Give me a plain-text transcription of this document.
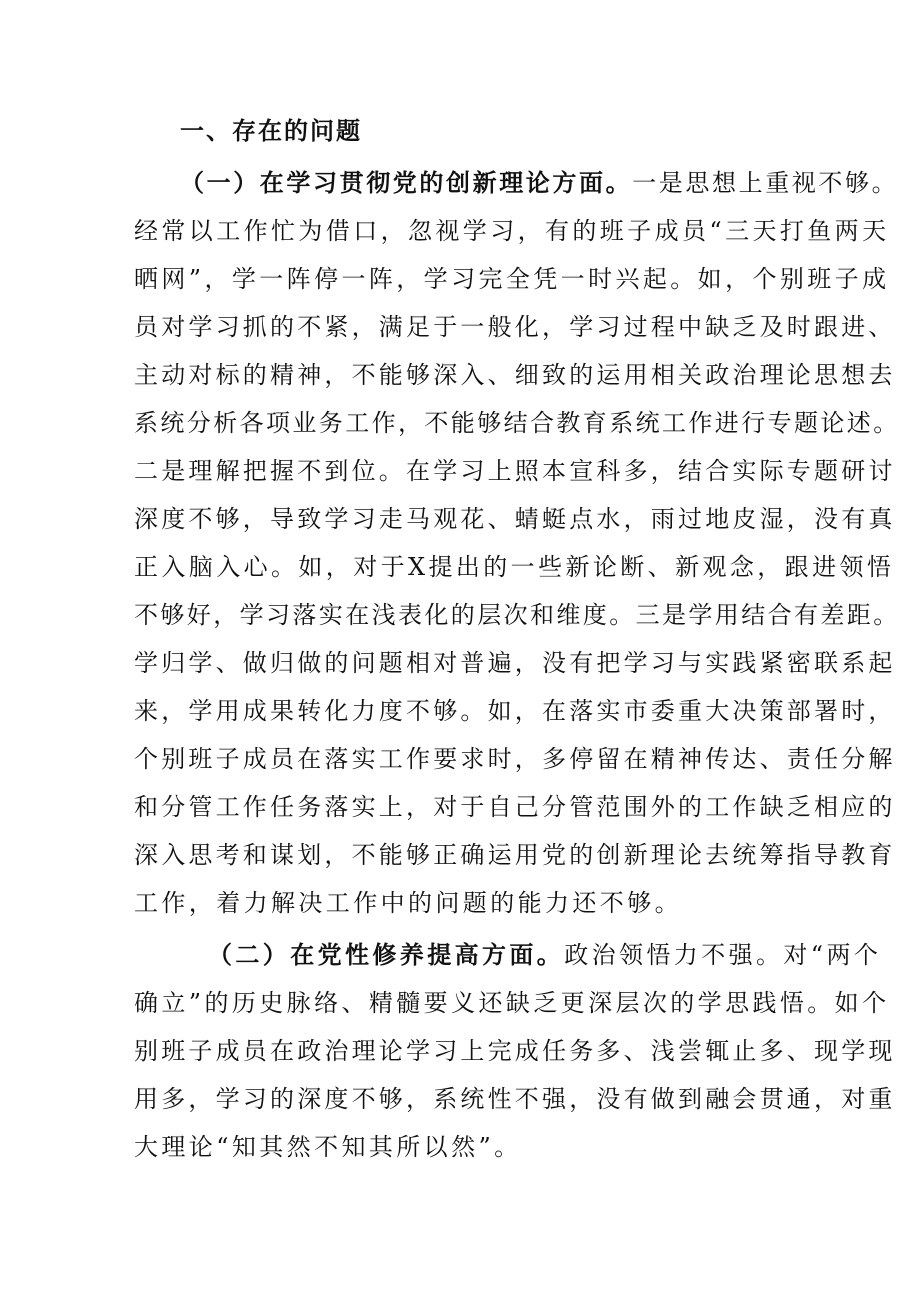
一、存在的问题
（一）在学习贯彻党的创新理论方面。一是思想上重视不够。
经常以工作忙为借口，忽视学习，有的班子成员“三天打鱼两天
晒网”，学一阵停一阵，学习完全凭一时兴起。如，个别班子成
员对学习抓的不紧，满足于一般化，学习过程中缺乏及时跟进、
主动对标的精神，不能够深入、细致的运用相关政治理论思想去
系统分析各项业务工作，不能够结合教育系统工作进行专题论述。
二是理解把握不到位。在学习上照本宣科多，结合实际专题研讨
深度不够，导致学习走马观花、蜻蜓点水，雨过地皮湿，没有真
正入脑入心。如，对于X提出的一些新论断、新观念，跟进领悟
不够好，学习落实在浅表化的层次和维度。三是学用结合有差距。
学归学、做归做的问题相对普遍，没有把学习与实践紧密联系起
来，学用成果转化力度不够。如，在落实市委重大决策部署时，
个别班子成员在落实工作要求时，多停留在精神传达、责任分解
和分管工作任务落实上，对于自己分管范围外的工作缺乏相应的
深入思考和谋划，不能够正确运用党的创新理论去统筹指导教育
工作，着力解决工作中的问题的能力还不够。
（二）在党性修养提高方面。政治领悟力不强。对“两个
确立”的历史脉络、精髓要义还缺乏更深层次的学思践悟。如个
别班子成员在政治理论学习上完成任务多、浅尝辄止多、现学现
用多，学习的深度不够，系统性不强，没有做到融会贯通，对重
大理论“知其然不知其所以然”。
